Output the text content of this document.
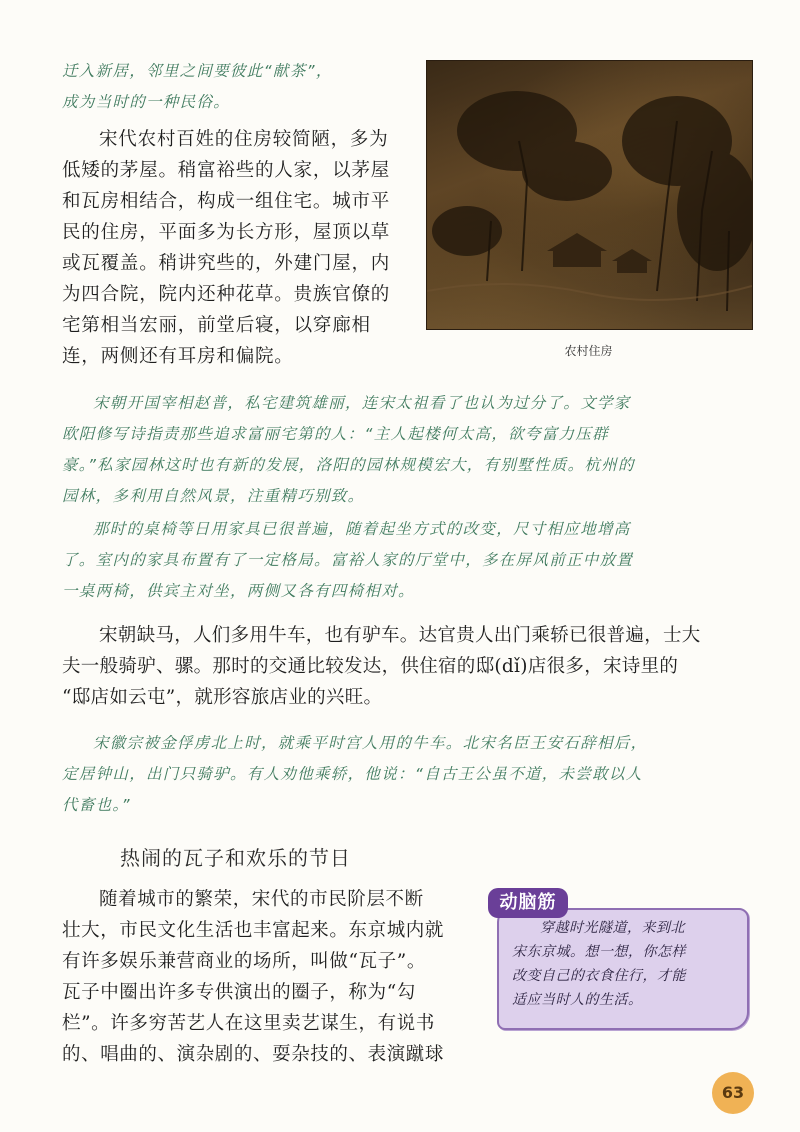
迁入新居，邻里之间要彼此“献茶”，
成为当时的一种民俗。
宋代农村百姓的住房较简陋，多为
低矮的茅屋。稍富裕些的人家，以茅屋
和瓦房相结合，构成一组住宅。城市平
民的住房，平面多为长方形，屋顶以草
或瓦覆盖。稍讲究些的，外建门屋，内
为四合院，院内还种花草。贵族官僚的
宅第相当宏丽，前堂后寝，以穿廊相
连，两侧还有耳房和偏院。	农村住房
宋朝开国宰相赵普，私宅建筑雄丽，连宋太祖看了也认为过分了。文学家
欧阳修写诗指责那些追求富丽宅第的人：“主人起楼何太高，欲夸富力压群
豪。”私家园林这时也有新的发展，洛阳的园林规模宏大，有别墅性质。杭州的
园林，多利用自然风景，注重精巧别致。
那时的桌椅等日用家具已很普遍，随着起坐方式的改变，尺寸相应地增高
了。室内的家具布置有了一定格局。富裕人家的厅堂中，多在屏风前正中放置
一桌两椅，供宾主对坐，两侧又各有四椅相对。
宋朝缺马，人们多用牛车，也有驴车。达官贵人出门乘轿已很普遍，士大
夫一般骑驴、骡。那时的交通比较发达，供住宿的邸(dǐ)店很多，宋诗里的
“邸店如云屯”，就形容旅店业的兴旺。
宋徽宗被金俘虏北上时，就乘平时宫人用的牛车。北宋名臣王安石辞相后，
定居钟山，出门只骑驴。有人劝他乘轿，他说：“自古王公虽不道，未尝敢以人
代畜也。”
热闹的瓦子和欢乐的节日
随着城市的繁荣，宋代的市民阶层不断
壮大，市民文化生活也丰富起来。东京城内就
有许多娱乐兼营商业的场所，叫做“瓦子”。
瓦子中圈出许多专供演出的圈子，称为“勾
栏”。许多穷苦艺人在这里卖艺谋生，有说书
的、唱曲的、演杂剧的、耍杂技的、表演蹴球
动脑筋
穿越时光隧道，来到北
宋东京城。想一想，你怎样
改变自己的衣食住行，才能
适应当时人的生活。
63
